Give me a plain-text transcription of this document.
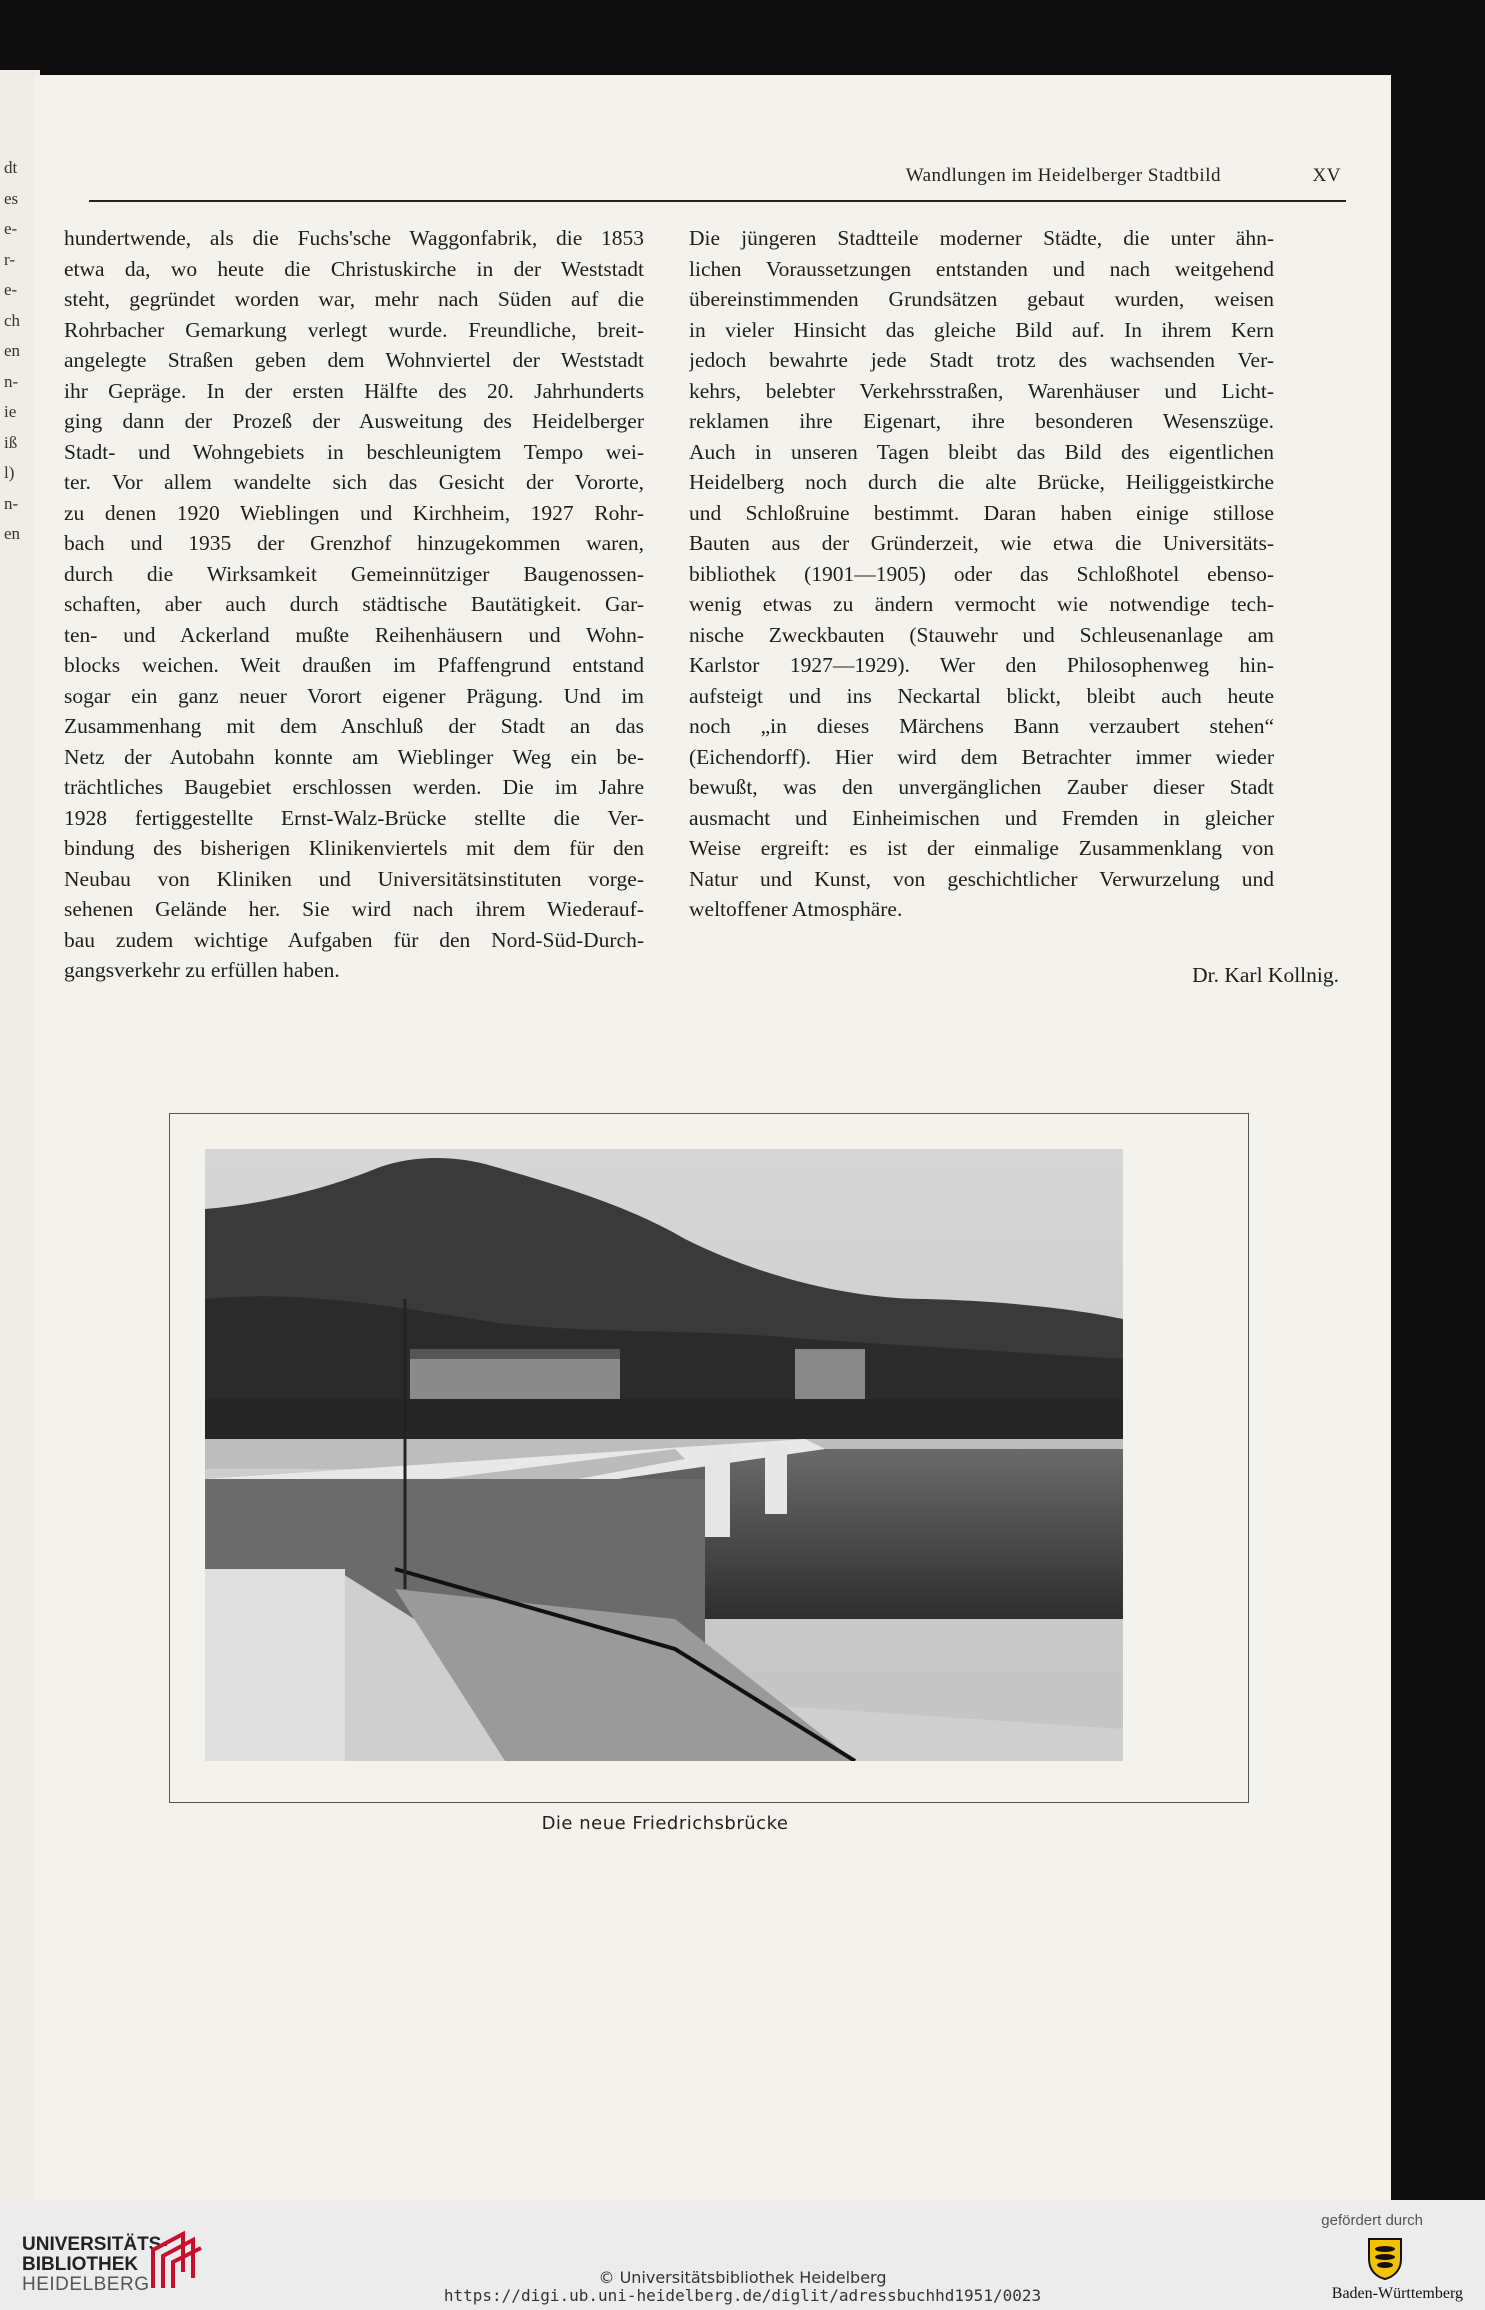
dt
es
e-
r-
e-
ch
en
n-
ie
iß
l)
n-
en
Wandlungen im Heidelberger Stadtbild	XV

hundertwende, als die Fuchs'sche Waggonfabrik, die 1853
etwa da, wo heute die Christuskirche in der Weststadt
steht, gegründet worden war, mehr nach Süden auf die
Rohrbacher Gemarkung verlegt wurde. Freundliche, breit-
angelegte Straßen geben dem Wohnviertel der Weststadt
ihr Gepräge. In der ersten Hälfte des 20. Jahrhunderts
ging dann der Prozeß der Ausweitung des Heidelberger
Stadt- und Wohngebiets in beschleunigtem Tempo wei-
ter. Vor allem wandelte sich das Gesicht der Vororte,
zu denen 1920 Wieblingen und Kirchheim, 1927 Rohr-
bach und 1935 der Grenzhof hinzugekommen waren,
durch die Wirksamkeit Gemeinnütziger Baugenossen-
schaften, aber auch durch städtische Bautätigkeit. Gar-
ten- und Ackerland mußte Reihenhäusern und Wohn-
blocks weichen. Weit draußen im Pfaffengrund entstand
sogar ein ganz neuer Vorort eigener Prägung. Und im
Zusammenhang mit dem Anschluß der Stadt an das
Netz der Autobahn konnte am Wieblinger Weg ein be-
trächtliches Baugebiet erschlossen werden. Die im Jahre
1928 fertiggestellte Ernst-Walz-Brücke stellte die Ver-
bindung des bisherigen Klinikenviertels mit dem für den
Neubau von Kliniken und Universitätsinstituten vorge-
sehenen Gelände her. Sie wird nach ihrem Wiederauf-
bau zudem wichtige Aufgaben für den Nord-Süd-Durch-
gangsverkehr zu erfüllen haben.

Die jüngeren Stadtteile moderner Städte, die unter ähn-
lichen Voraussetzungen entstanden und nach weitgehend
übereinstimmenden Grundsätzen gebaut wurden, weisen
in vieler Hinsicht das gleiche Bild auf. In ihrem Kern
jedoch bewahrte jede Stadt trotz des wachsenden Ver-
kehrs, belebter Verkehrsstraßen, Warenhäuser und Licht-
reklamen ihre Eigenart, ihre besonderen Wesenszüge.
Auch in unseren Tagen bleibt das Bild des eigentlichen
Heidelberg noch durch die alte Brücke, Heiliggeistkirche
und Schloßruine bestimmt. Daran haben einige stillose
Bauten aus der Gründerzeit, wie etwa die Universitäts-
bibliothek (1901—1905) oder das Schloßhotel ebenso-
wenig etwas zu ändern vermocht wie notwendige tech-
nische Zweckbauten (Stauwehr und Schleusenanlage am
Karlstor 1927—1929). Wer den Philosophenweg hin-
aufsteigt und ins Neckartal blickt, bleibt auch heute
noch „in dieses Märchens Bann verzaubert stehen“
(Eichendorff). Hier wird dem Betrachter immer wieder
bewußt, was den unvergänglichen Zauber dieser Stadt
ausmacht und Einheimischen und Fremden in gleicher
Weise ergreift: es ist der einmalige Zusammenklang von
Natur und Kunst, von geschichtlicher Verwurzelung und
weltoffener Atmosphäre.

Dr. Karl Kollnig.
Die neue Friedrichsbrücke
UNIVERSITÄTS-
BIBLIOTHEK
HEIDELBERG	© Universitätsbibliothek Heidelberg
https://digi.ub.uni-heidelberg.de/diglit/adressbuchhd1951/0023
gefördert durch
Baden-Württemberg
